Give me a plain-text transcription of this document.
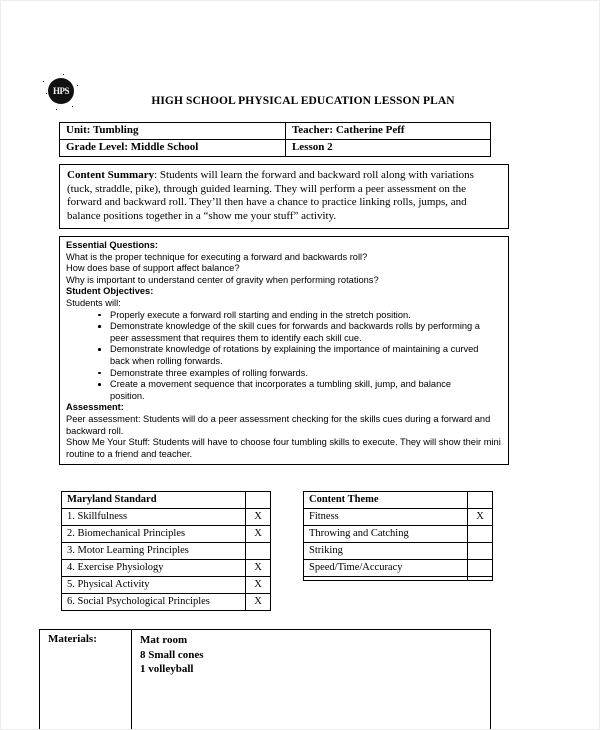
HPS
HIGH SCHOOL PHYSICAL EDUCATION LESSON PLAN
Unit: Tumbling	Teacher: Catherine Peff
Grade Level: Middle School	Lesson 2
Content Summary: Students will learn the forward and backward roll along with variations (tuck, straddle, pike), through guided learning. They will perform a peer assessment on the forward and backward roll. They’ll then have a chance to practice linking rolls, jumps, and balance positions together in a “show me your stuff” activity.
Essential Questions:
What is the proper technique for executing a forward and backwards roll?
How does base of support affect balance?
Why is important to understand center of gravity when performing rotations?
Student Objectives:
Students will:
Properly execute a forward roll starting and ending in the stretch position.
Demonstrate knowledge of the skill cues for forwards and backwards rolls by performing a peer assessment that requires them to identify each skill cue.
Demonstrate knowledge of rotations by explaining the importance of maintaining a curved back when rolling forwards.
Demonstrate three examples of rolling forwards.
Create a movement sequence that incorporates a tumbling skill, jump, and balance position.
Assessment:
Peer assessment: Students will do a peer assessment checking for the skills cues during a forward and backward roll.
Show Me Your Stuff: Students will have to choose four tumbling skills to execute. They will show their mini routine to a friend and teacher.
Maryland Standard
1. Skillfulness	X
2. Biomechanical Principles	X
3. Motor Learning Principles
4. Exercise Physiology	X
5. Physical Activity	X
6. Social Psychological Principles	X
Content Theme
Fitness	X
Throwing and Catching
Striking
Speed/Time/Accuracy
Materials:	Mat room
8 Small cones
1 volleyball
